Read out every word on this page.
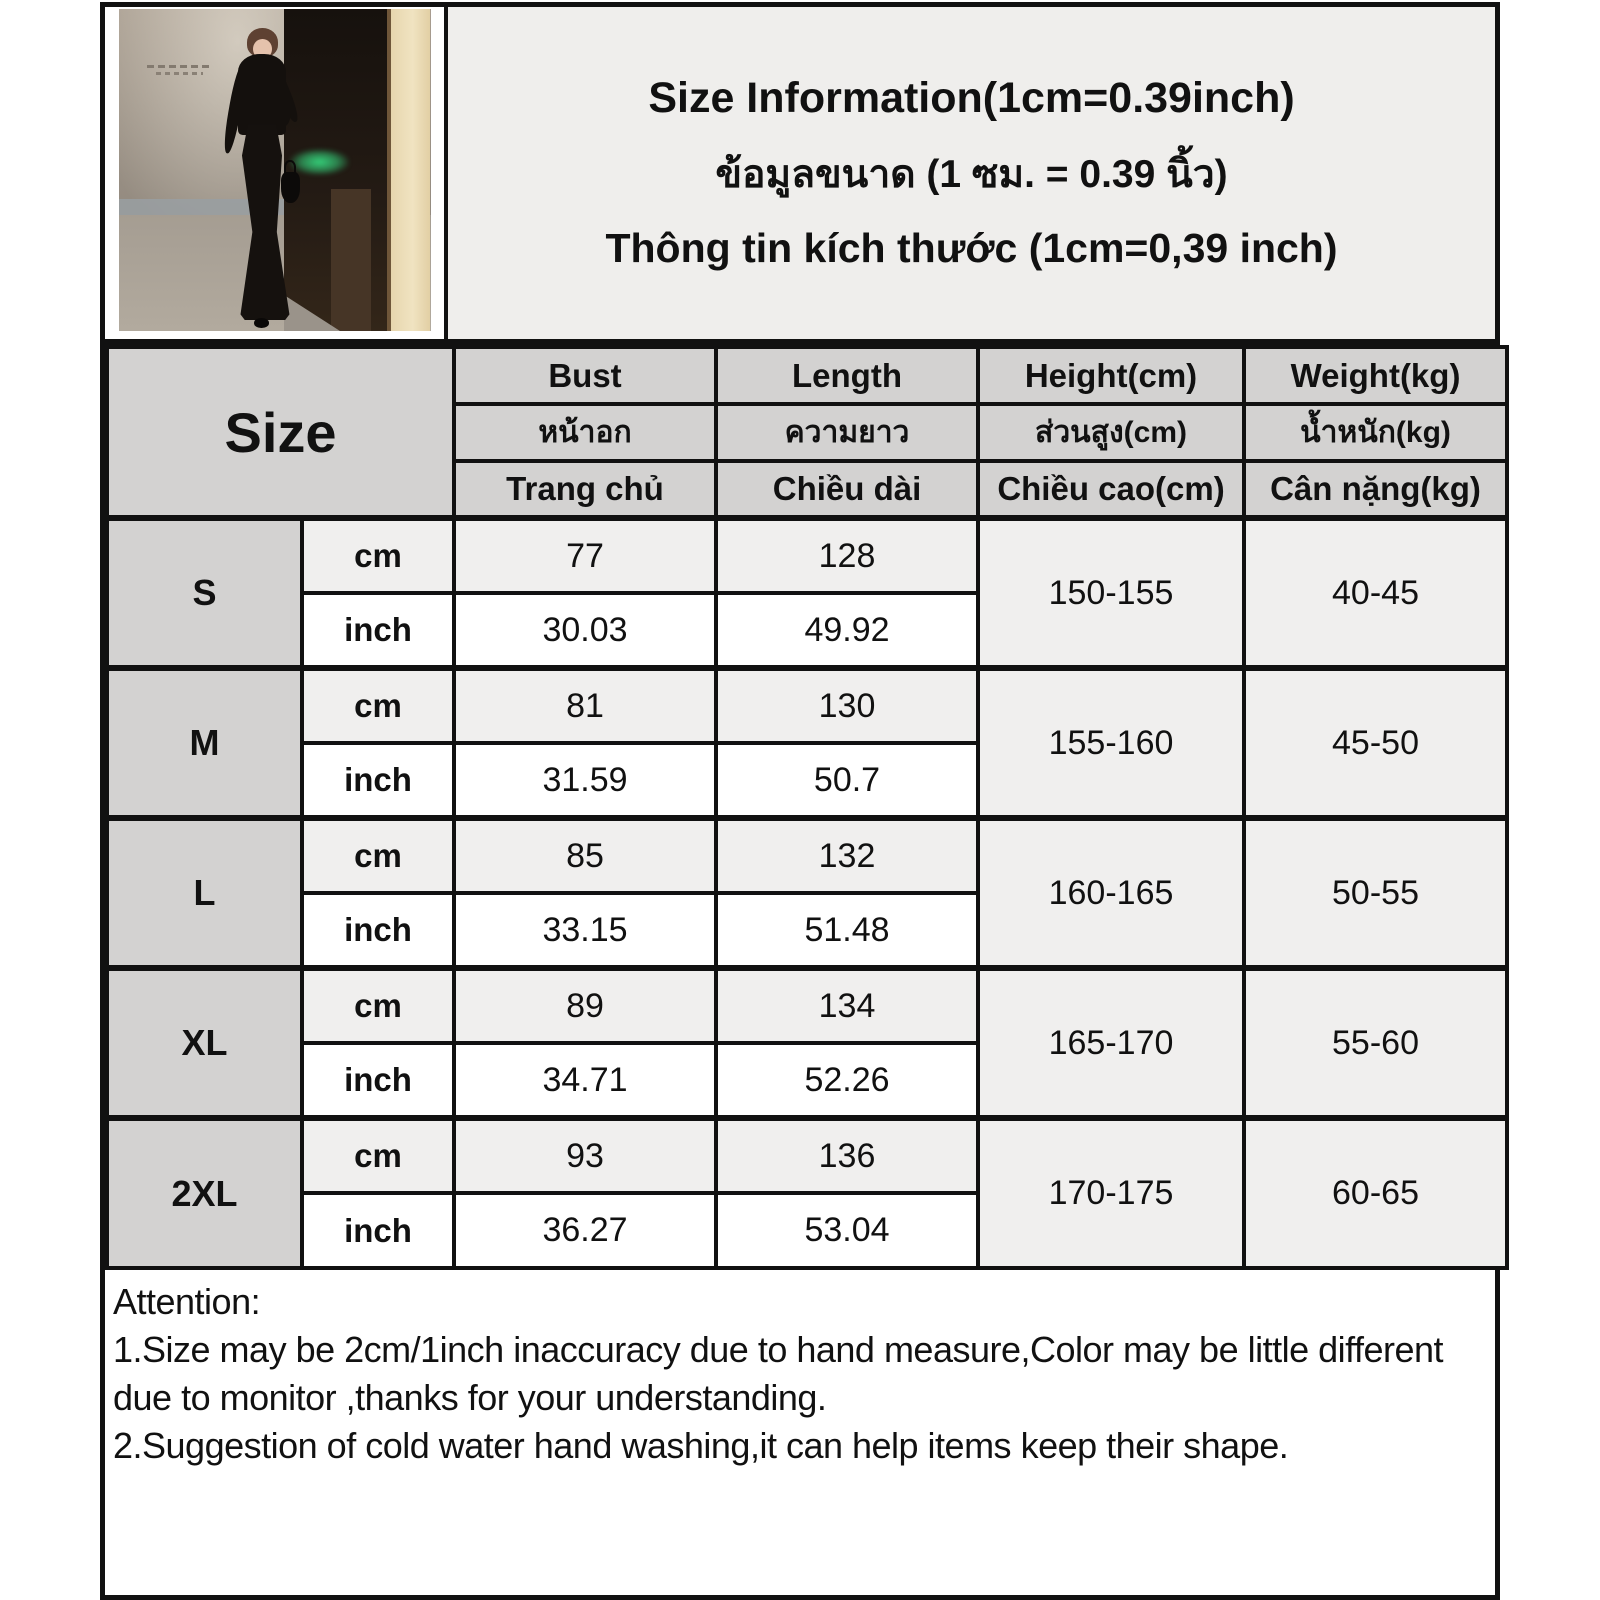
Size Information(1cm=0.39inch)
ข้อมูลขนาด (1 ซม. = 0.39 นิ้ว)
Thông tin kích thước (1cm=0,39 inch)
Size		Bust	Length	Height(cm)	Weight(kg)
		หน้าอก	ความยาว	ส่วนสูง(cm)	น้ำหนัก(kg)
		Trang chủ	Chiều dài	Chiều cao(cm)	Cân nặng(kg)
S	cm	77	128	150-155	40-45
	inch	30.03	49.92		
M	cm	81	130	155-160	45-50
	inch	31.59	50.7		
L	cm	85	132	160-165	50-55
	inch	33.15	51.48		
XL	cm	89	134	165-170	55-60
	inch	34.71	52.26		
2XL	cm	93	136	170-175	60-65
	inch	36.27	53.04		
Attention:
1.Size may be 2cm/1inch inaccuracy due to hand measure,Color may be little different due to monitor ,thanks for your understanding.
2.Suggestion of cold water hand washing,it can help items keep their shape.
